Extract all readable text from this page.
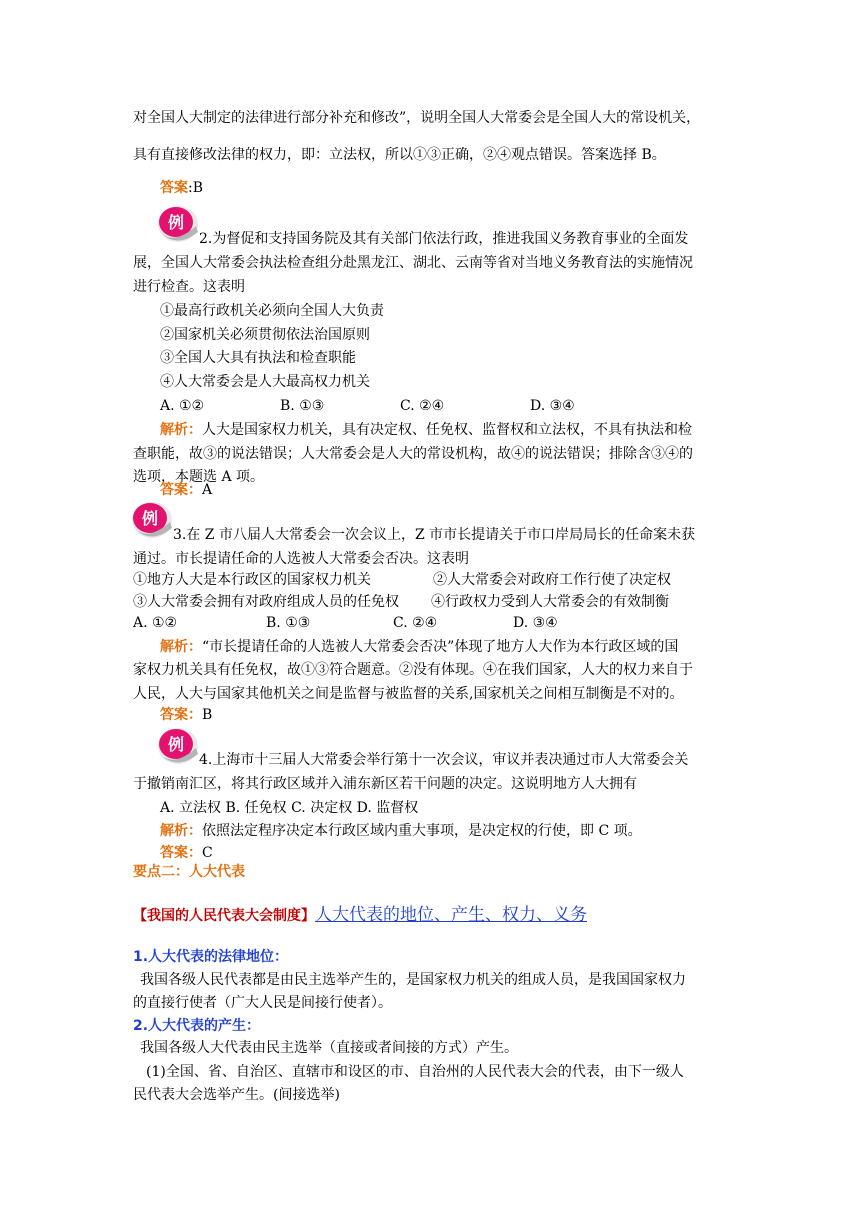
对全国人大制定的法律进行部分补充和修改”，说明全国人大常委会是全国人大的常设机关，
具有直接修改法律的权力，即：立法权，所以①③正确，②④观点错误。答案选择 B。
答案:B
例
2.为督促和支持国务院及其有关部门依法行政，推进我国义务教育事业的全面发
展，全国人大常委会执法检查组分赴黑龙江、湖北、云南等省对当地义务教育法的实施情况
进行检查。这表明
①最高行政机关必须向全国人大负责
②国家机关必须贯彻依法治国原则
③全国人大具有执法和检查职能
④人大常委会是人大最高权力机关
A. ①②	B. ①③	C. ②④	D. ③④
解析：人大是国家权力机关，具有决定权、任免权、监督权和立法权，不具有执法和检
查职能，故③的说法错误；人大常委会是人大的常设机构，故④的说法错误；排除含③④的
选项，本题选 A 项。
答案：A
例
3.在 Z 市八届人大常委会一次会议上，Z 市市长提请关于市口岸局局长的任命案未获
通过。市长提请任命的人选被人大常委会否决。这表明
①地方人大是本行政区的国家权力机关	②人大常委会对政府工作行使了决定权
③人大常委会拥有对政府组成人员的任免权 ④行政权力受到人大常委会的有效制衡
A. ①②	B. ①③	C. ②④	D. ③④
解析：“市长提请任命的人选被人大常委会否决”体现了地方人大作为本行政区域的国
家权力机关具有任免权，故①③符合题意。②没有体现。④在我们国家，人大的权力来自于
人民，人大与国家其他机关之间是监督与被监督的关系,国家机关之间相互制衡是不对的。
答案：B
例
4.上海市十三届人大常委会举行第十一次会议，审议并表决通过市人大常委会关
于撤销南汇区，将其行政区域并入浦东新区若干问题的决定。这说明地方人大拥有
A. 立法权 B. 任免权 C. 决定权 D. 监督权
解析：依照法定程序决定本行政区域内重大事项，是决定权的行使，即 C 项。
答案：C
要点二：人大代表
【我国的人民代表大会制度】人大代表的地位、产生、权力、义务
1.人大代表的法律地位：
我国各级人民代表都是由民主选举产生的，是国家权力机关的组成人员，是我国国家权力
的直接行使者（广大人民是间接行使者）。
2.人大代表的产生：
我国各级人大代表由民主选举（直接或者间接的方式）产生。
(1)全国、省、自治区、直辖市和设区的市、自治州的人民代表大会的代表，由下一级人
民代表大会选举产生。(间接选举)
